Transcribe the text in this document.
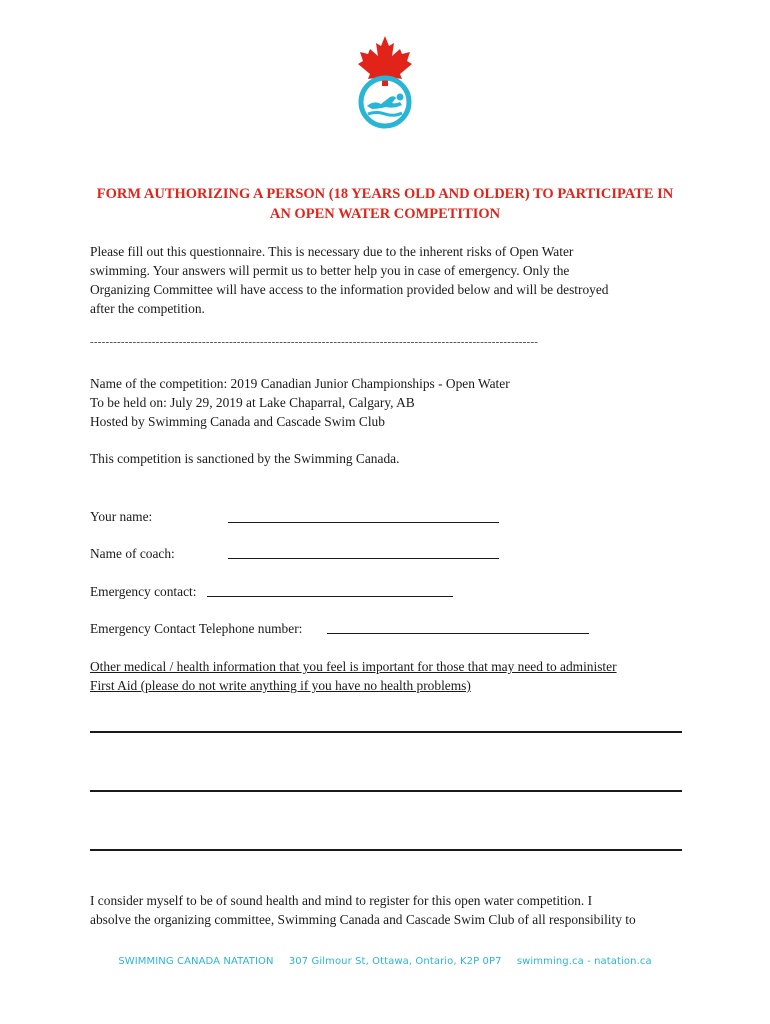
FORM AUTHORIZING A PERSON (18 YEARS OLD AND OLDER) TO PARTICIPATE IN
AN OPEN WATER COMPETITION
Please fill out this questionnaire. This is necessary due to the inherent risks of Open Water
swimming. Your answers will permit us to better help you in case of emergency. Only the
Organizing Committee will have access to the information provided below and will be destroyed
after the competition.
--------------------------------------------------------------------------------------------------------------------
Name of the competition: 2019 Canadian Junior Championships - Open Water
To be held on: July 29, 2019 at Lake Chaparral, Calgary, AB
Hosted by Swimming Canada and Cascade Swim Club
This competition is sanctioned by the Swimming Canada.
Your name:
Name of coach:
Emergency contact:
Emergency Contact Telephone number:
Other medical / health information that you feel is important for those that may need to administer
First Aid (please do not write anything if you have no health problems)
I consider myself to be of sound health and mind to register for this open water competition. I
absolve the organizing committee, Swimming Canada and Cascade Swim Club of all responsibility to
SWIMMING CANADA NATATION 307 Gilmour St, Ottawa, Ontario, K2P 0P7 swimming.ca - natation.ca
